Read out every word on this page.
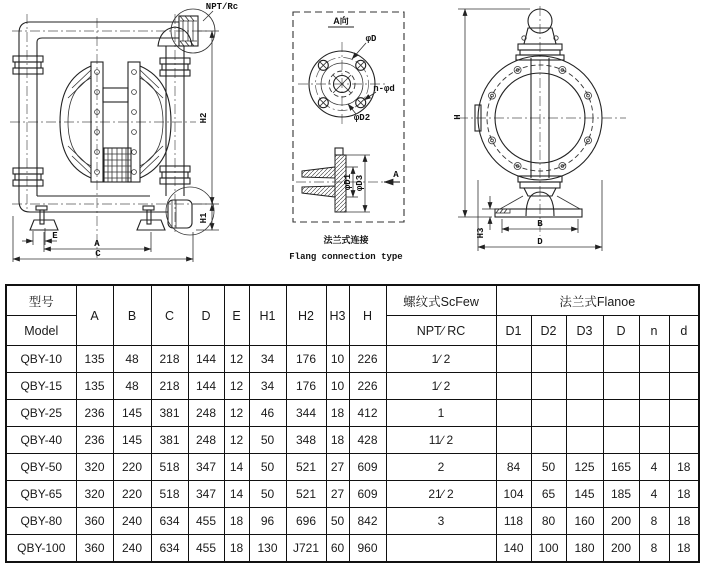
NPT/Rc
E
A
C
H2
H1
A向
φD
n-φd
φD2
φD1 φD3	A
法兰式连接
Flang connection type
H
H3
B
D
型号	A	B	C	D	E	H1	H2	H3	H	螺纹式ScFew	法兰式Flanoe					
Model										NPT∕ RC	D1	D2	D3	D	n	d
QBY-10	135	48	218	144	12	34	176	10	226	1∕ 2						
QBY-15	135	48	218	144	12	34	176	10	226	1∕ 2						
QBY-25	236	145	381	248	12	46	344	18	412	1						
QBY-40	236	145	381	248	12	50	348	18	428	11∕ 2						
QBY-50	320	220	518	347	14	50	521	27	609	2	84	50	125	165	4	18
QBY-65	320	220	518	347	14	50	521	27	609	21∕ 2	104	65	145	185	4	18
QBY-80	360	240	634	455	18	96	696	50	842	3	118	80	160	200	8	18
QBY-100	360	240	634	455	18	130	J721	60	960		140	100	180	200	8	18
